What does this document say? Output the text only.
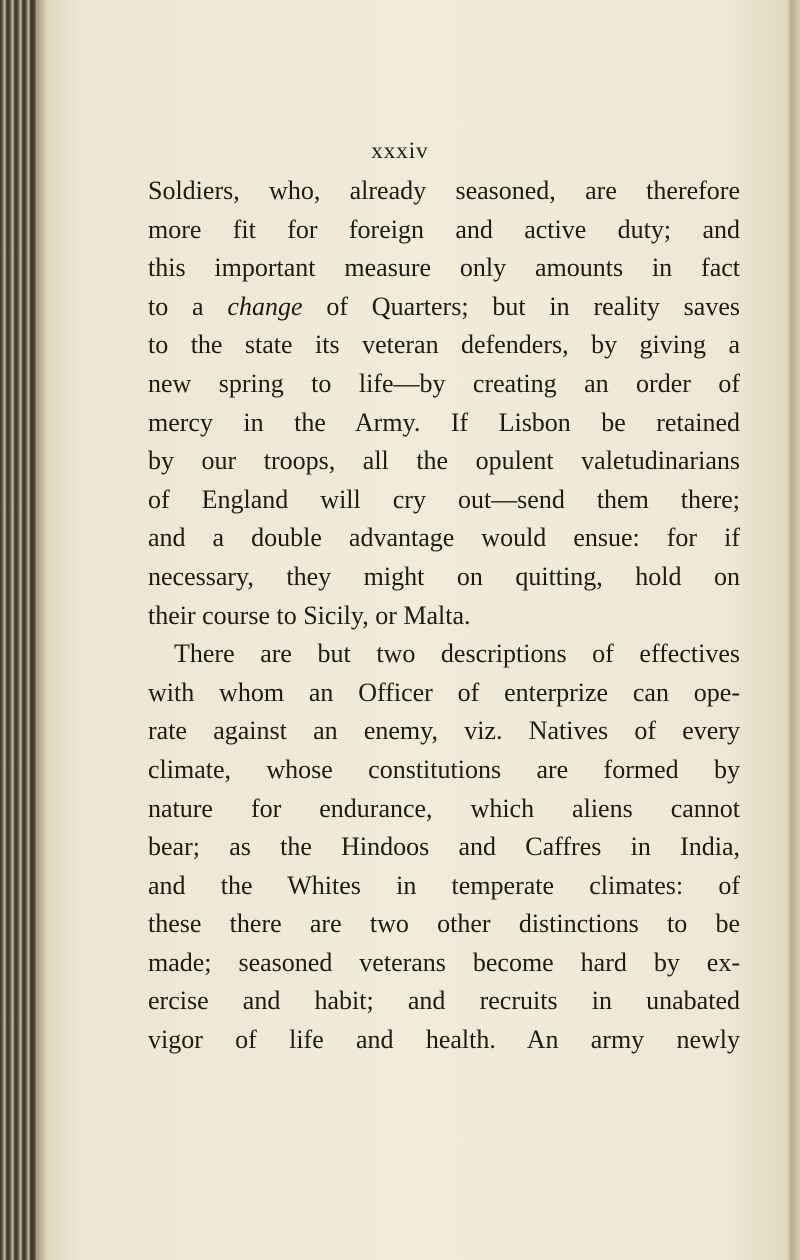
xxxiv
Soldiers, who, already seasoned, are therefore
more fit for foreign and active duty; and
this important measure only amounts in fact
to a change of Quarters; but in reality saves
to the state its veteran defenders, by giving a
new spring to life—by creating an order of
mercy in the Army. If Lisbon be retained
by our troops, all the opulent valetudinarians
of England will cry out—send them there;
and a double advantage would ensue: for if
necessary, they might on quitting, hold on
their course to Sicily, or Malta.
There are but two descriptions of effectives
with whom an Officer of enterprize can ope-
rate against an enemy, viz. Natives of every
climate, whose constitutions are formed by
nature for endurance, which aliens cannot
bear; as the Hindoos and Caffres in India,
and the Whites in temperate climates: of
these there are two other distinctions to be
made; seasoned veterans become hard by ex-
ercise and habit; and recruits in unabated
vigor of life and health. An army newly
